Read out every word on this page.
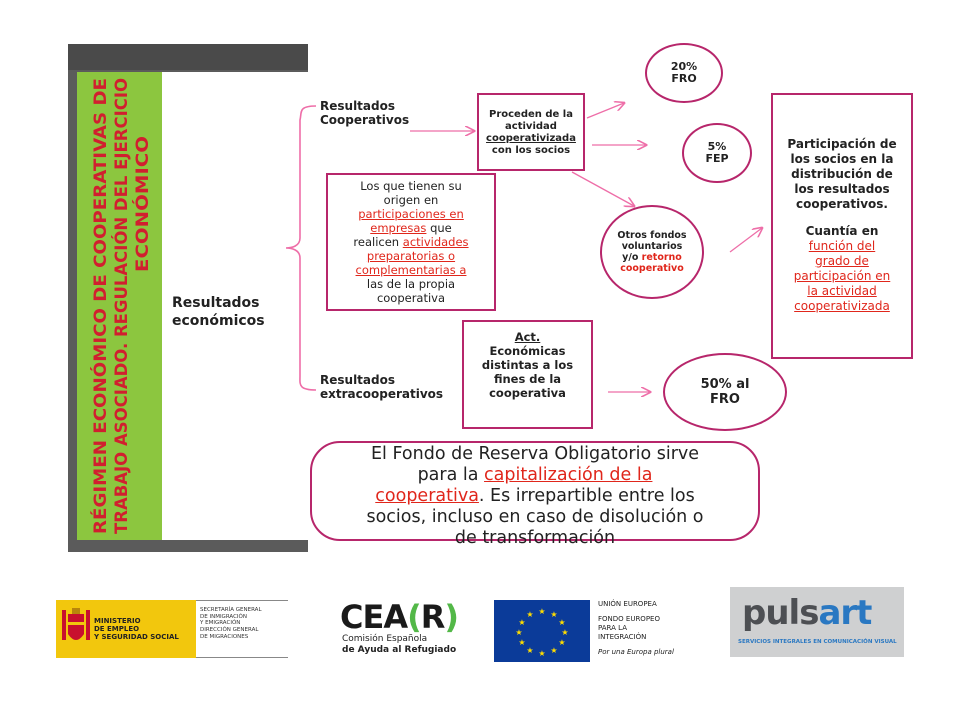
RÉGIMEN ECONÓMICO DE COOPERATIVAS DE TRABAJO ASOCIADO. REGULACIÓN DEL EJERCICIO ECONÓMICO
Resultados
económicos
Resultados
Cooperativos
Resultados
extracooperativos
Proceden de la
actividad
cooperativizada
con los socios
Los que tienen su
origen en
participaciones en
empresas que
realicen actividades
preparatorias o
complementarias a
las de la propia
cooperativa
Act.
Económicas
distintas a los
fines de la
cooperativa
Participación de
los socios en la
distribución de
los resultados
cooperativos.
Cuantía en
función del
grado de
participación en
la actividad
cooperativizada
20%
FRO
5%
FEP
Otros fondos
voluntarios
y/o retorno
cooperativo
50% al
FRO
El Fondo de Reserva Obligatorio sirve
para la capitalización de la
cooperativa. Es irrepartible entre los
socios, incluso en caso de disolución o
de transformación
MINISTERIO
DE EMPLEO
Y SEGURIDAD SOCIAL
SECRETARÍA GENERAL
DE INMIGRACIÓN
Y EMIGRACIÓN
DIRECCIÓN GENERAL
DE MIGRACIONES
CEA(R)
Comisión Española
de Ayuda al Refugiado
★ ★
★
★
★
★
★
★
★
★
★
★
UNIÓN EUROPEA
FONDO EUROPEO
PARA LA
INTEGRACIÓN
Por una Europa plural
pulsart
SERVICIOS INTEGRALES EN COMUNICACIÓN VISUAL
